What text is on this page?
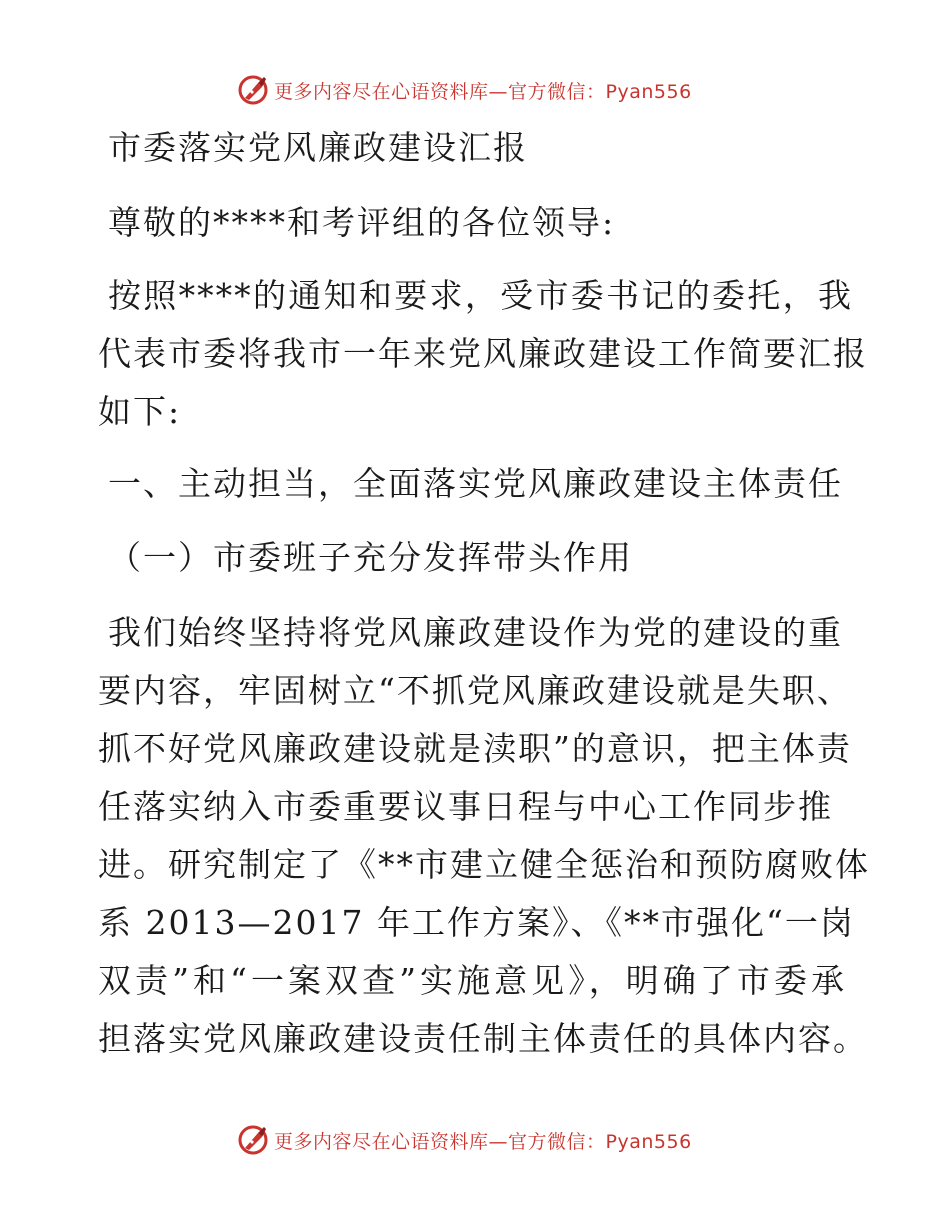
更多内容尽在心语资料库—官方微信：Pyan556
市委落实党风廉政建设汇报
尊敬的****和考评组的各位领导:
按照****的通知和要求，受市委书记的委托，我
代表市委将我市一年来党风廉政建设工作简要汇报
如下:
一、主动担当，全面落实党风廉政建设主体责任
（一）市委班子充分发挥带头作用
我们始终坚持将党风廉政建设作为党的建设的重
要内容，牢固树立“不抓党风廉政建设就是失职、
抓不好党风廉政建设就是渎职”的意识，把主体责
任落实纳入市委重要议事日程与中心工作同步推
进。研究制定了《**市建立健全惩治和预防腐败体
系 2013—2017 年工作方案》、《**市强化“一岗
双责”和“一案双查”实施意见》，明确了市委承
担落实党风廉政建设责任制主体责任的具体内容。
更多内容尽在心语资料库—官方微信：Pyan556
